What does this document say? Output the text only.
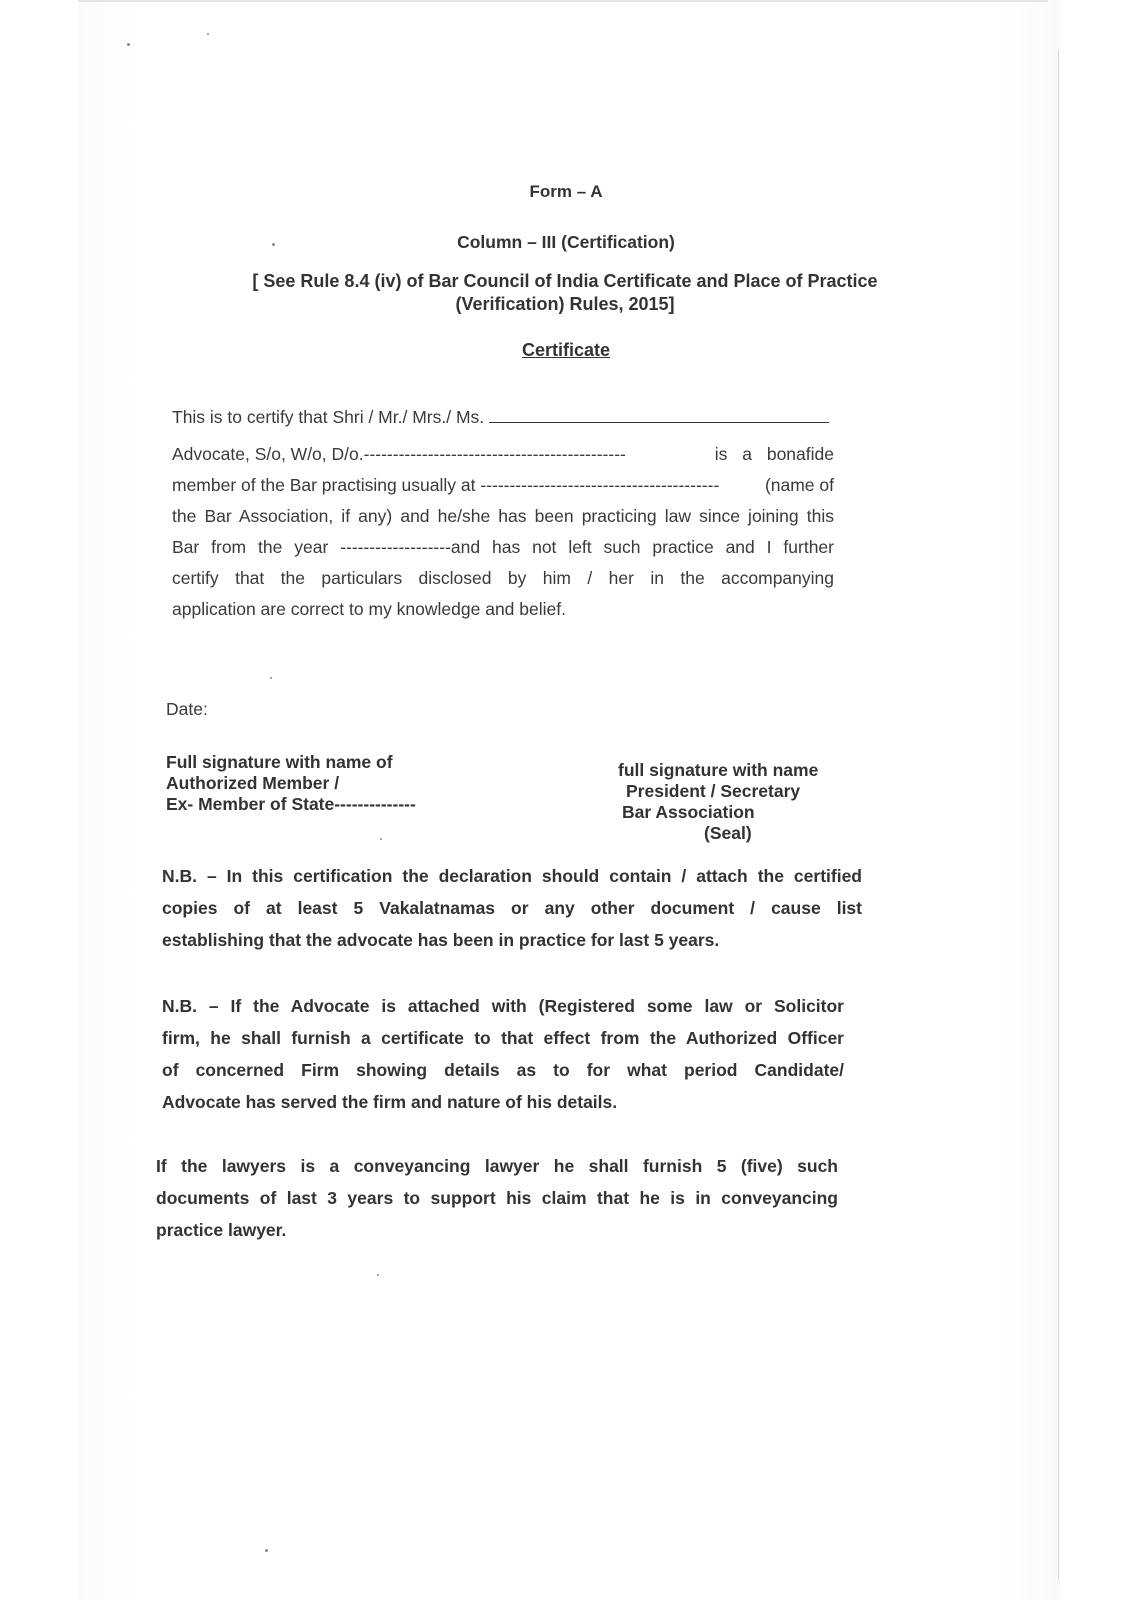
Form – A
Column – III (Certification)
[ See Rule 8.4 (iv) of Bar Council of India Certificate and Place of Practice
(Verification) Rules, 2015]
Certificate
This is to certify that Shri / Mr./ Mrs./ Ms.
Advocate, S/o, W/o, D/o.---------------------------------------------	is a bonafide
member of the Bar practising usually at -----------------------------------------	(name of
the Bar Association, if any) and he/she has been practicing law since joining this
Bar from the year -------------------and has not left such practice and I further
certify that the particulars disclosed by him / her in the accompanying
application are correct to my knowledge and belief.
Date:
Full signature with name of
Authorized Member /
Ex- Member of State--------------
full signature with name
President / Secretary
Bar Association
(Seal)
N.B. – In this certification the declaration should contain / attach the certified
copies of at least 5 Vakalatnamas or any other document / cause list
establishing that the advocate has been in practice for last 5 years.
N.B. – If the Advocate is attached with (Registered some law or Solicitor
firm, he shall furnish a certificate to that effect from the Authorized Officer
of concerned Firm showing details as to for what period Candidate/
Advocate has served the firm and nature of his details.
If the lawyers is a conveyancing lawyer he shall furnish 5 (five) such
documents of last 3 years to support his claim that he is in conveyancing
practice lawyer.
